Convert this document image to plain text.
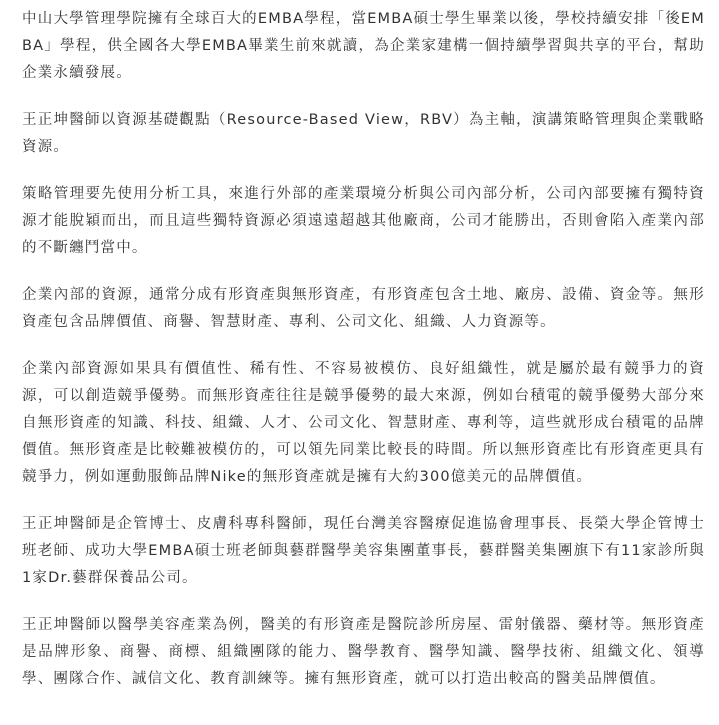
中山大學管理學院擁有全球百大的EMBA學程，當EMBA碩士學生畢業以後，學校持續安排「後EMBA」學程，供全國各大學EMBA畢業生前來就讀，為企業家建構一個持續學習與共享的平台，幫助企業永續發展。

王正坤醫師以資源基礎觀點（Resource-Based View，RBV）為主軸，演講策略管理與企業戰略資源。

策略管理要先使用分析工具，來進行外部的產業環境分析與公司內部分析，公司內部要擁有獨特資源才能脫穎而出，而且這些獨特資源必須遠遠超越其他廠商，公司才能勝出，否則會陷入產業內部的不斷纏鬥當中。

企業內部的資源，通常分成有形資產與無形資產，有形資產包含土地、廠房、設備、資金等。無形資產包含品牌價值、商譽、智慧財產、專利、公司文化、組織、人力資源等。

企業內部資源如果具有價值性、稀有性、不容易被模仿、良好組織性，就是屬於最有競爭力的資源，可以創造競爭優勢。而無形資產往往是競爭優勢的最大來源，例如台積電的競爭優勢大部分來自無形資產的知識、科技、組織、人才、公司文化、智慧財產、專利等，這些就形成台積電的品牌價值。無形資產是比較難被模仿的，可以領先同業比較長的時間。所以無形資產比有形資產更具有競爭力，例如運動服飾品牌Nike的無形資產就是擁有大約300億美元的品牌價值。

王正坤醫師是企管博士、皮膚科專科醫師，現任台灣美容醫療促進協會理事長、長榮大學企管博士班老師、成功大學EMBA碩士班老師與藝群醫學美容集團董事長，藝群醫美集團旗下有11家診所與1家Dr.藝群保養品公司。

王正坤醫師以醫學美容產業為例，醫美的有形資產是醫院診所房屋、雷射儀器、藥材等。無形資產是品牌形象、商譽、商標、組織團隊的能力、醫學教育、醫學知識、醫學技術、組織文化、領導學、團隊合作、誠信文化、教育訓練等。擁有無形資產，就可以打造出較高的醫美品牌價值。
